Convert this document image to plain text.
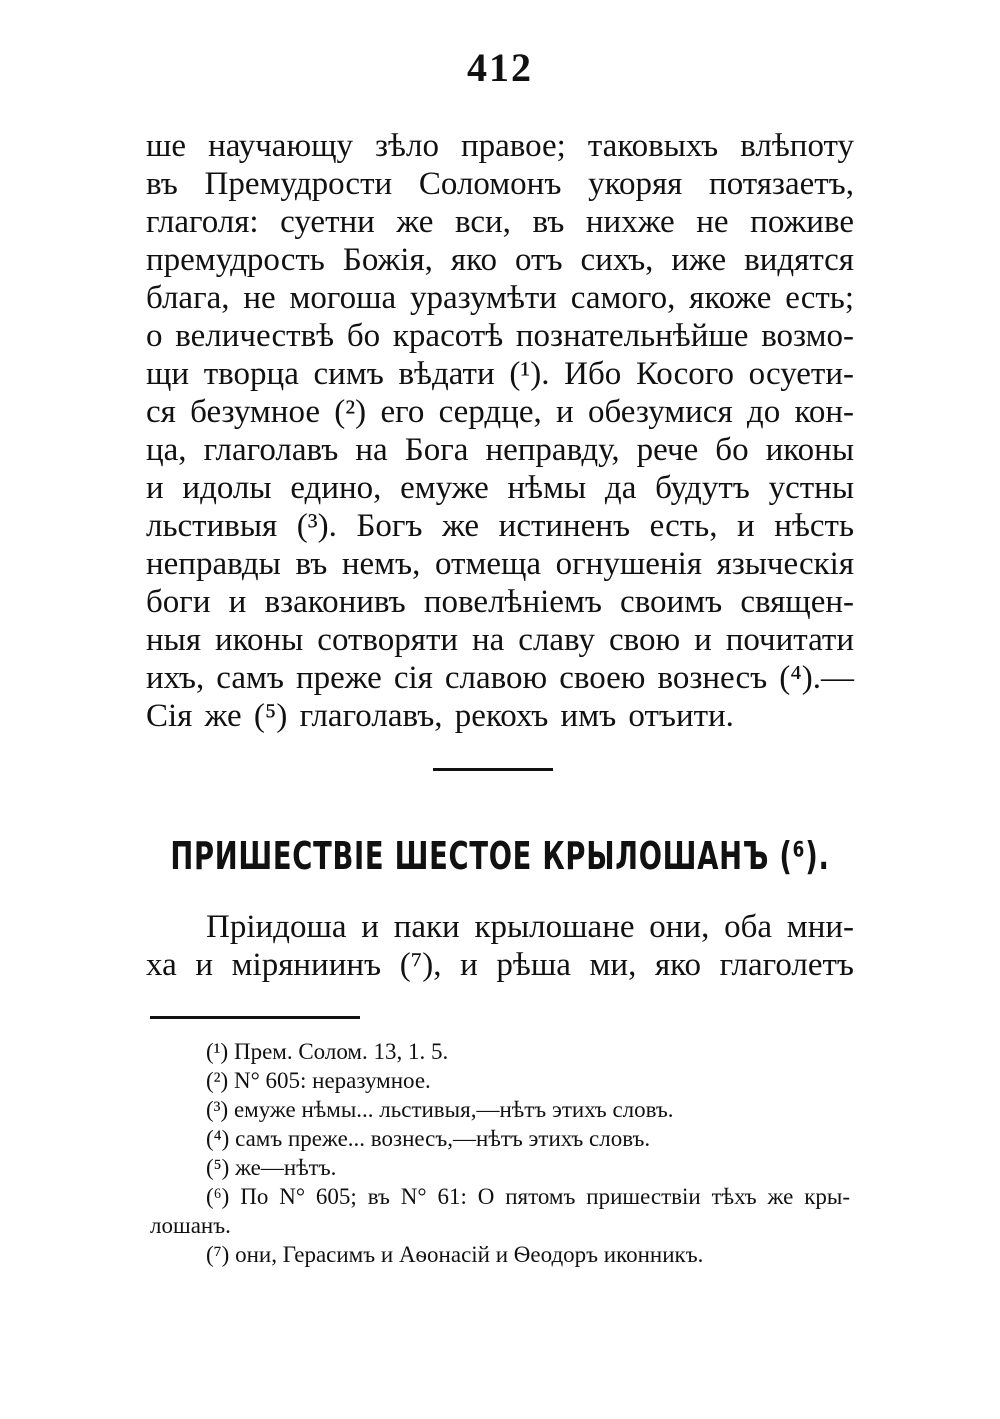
412
ше научающу зѣло правое; таковыхъ влѣпоту
въ Премудрости Соломонъ укоряя потязаетъ,
глаголя: суетни же вси, въ нихже не поживе
премудрость Божія, яко отъ сихъ, иже видятся
блага, не могоша уразумѣти самого, якоже есть;
о величествѣ бо красотѣ познательнѣйше возмо-
щи творца симъ вѣдати (¹). Ибо Косого осуети-
ся безумное (²) его сердце, и обезумися до кон-
ца, глаголавъ на Бога неправду, рече бо иконы
и идолы едино, емуже нѣмы да будутъ устны
льстивыя (³). Богъ же истиненъ есть, и нѣсть
неправды въ немъ, отмеща огнушенія языческія
боги и взаконивъ повелѣніемъ своимъ священ-
ныя иконы сотворяти на славу свою и почитати
ихъ, самъ преже сія славою своею вознесъ (⁴).—
Сія же (⁵) глаголавъ, рекохъ имъ отъити.
ПРИШЕСТВІЕ ШЕСТОЕ КРЫЛОШАНЪ (⁶).
Пріидоша и паки крылошане они, оба мни-
ха и міряниинъ (⁷), и рѣша ми, яко глаголетъ
(¹) Прем. Солом. 13, 1. 5.
(²) N° 605: неразумное.
(³) емуже нѣмы... льстивыя,—нѣтъ этихъ словъ.
(⁴) самъ преже... вознесъ,—нѣтъ этихъ словъ.
(⁵) же—нѣтъ.
(⁶) По N° 605; въ N° 61: О пятомъ пришествіи тѣхъ же кры-
лошанъ.
(⁷) они, Герасимъ и Аѳонасій и Ѳеодоръ иконникъ.
